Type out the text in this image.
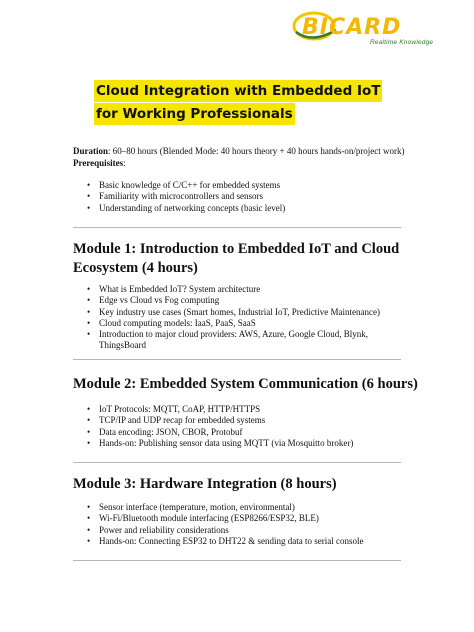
BICARD
Realtime Knowledge
Cloud Integration with Embedded IoT
for Working Professionals
Duration: 60–80 hours (Blended Mode: 40 hours theory + 40 hours hands-on/project work)
Prerequisites:
• Basic knowledge of C/C++ for embedded systems
• Familiarity with microcontrollers and sensors
• Understanding of networking concepts (basic level)
Module 1: Introduction to Embedded IoT and Cloud
Ecosystem (4 hours)
• What is Embedded IoT? System architecture
• Edge vs Cloud vs Fog computing
• Key industry use cases (Smart homes, Industrial IoT, Predictive Maintenance)
• Cloud computing models: IaaS, PaaS, SaaS
• Introduction to major cloud providers: AWS, Azure, Google Cloud, Blynk,
ThingsBoard
Module 2: Embedded System Communication (6 hours)
• IoT Protocols: MQTT, CoAP, HTTP/HTTPS
• TCP/IP and UDP recap for embedded systems
• Data encoding: JSON, CBOR, Protobuf
• Hands-on: Publishing sensor data using MQTT (via Mosquitto broker)
Module 3: Hardware Integration (8 hours)
• Sensor interface (temperature, motion, environmental)
• Wi-Fi/Bluetooth module interfacing (ESP8266/ESP32, BLE)
• Power and reliability considerations
• Hands-on: Connecting ESP32 to DHT22 & sending data to serial console
